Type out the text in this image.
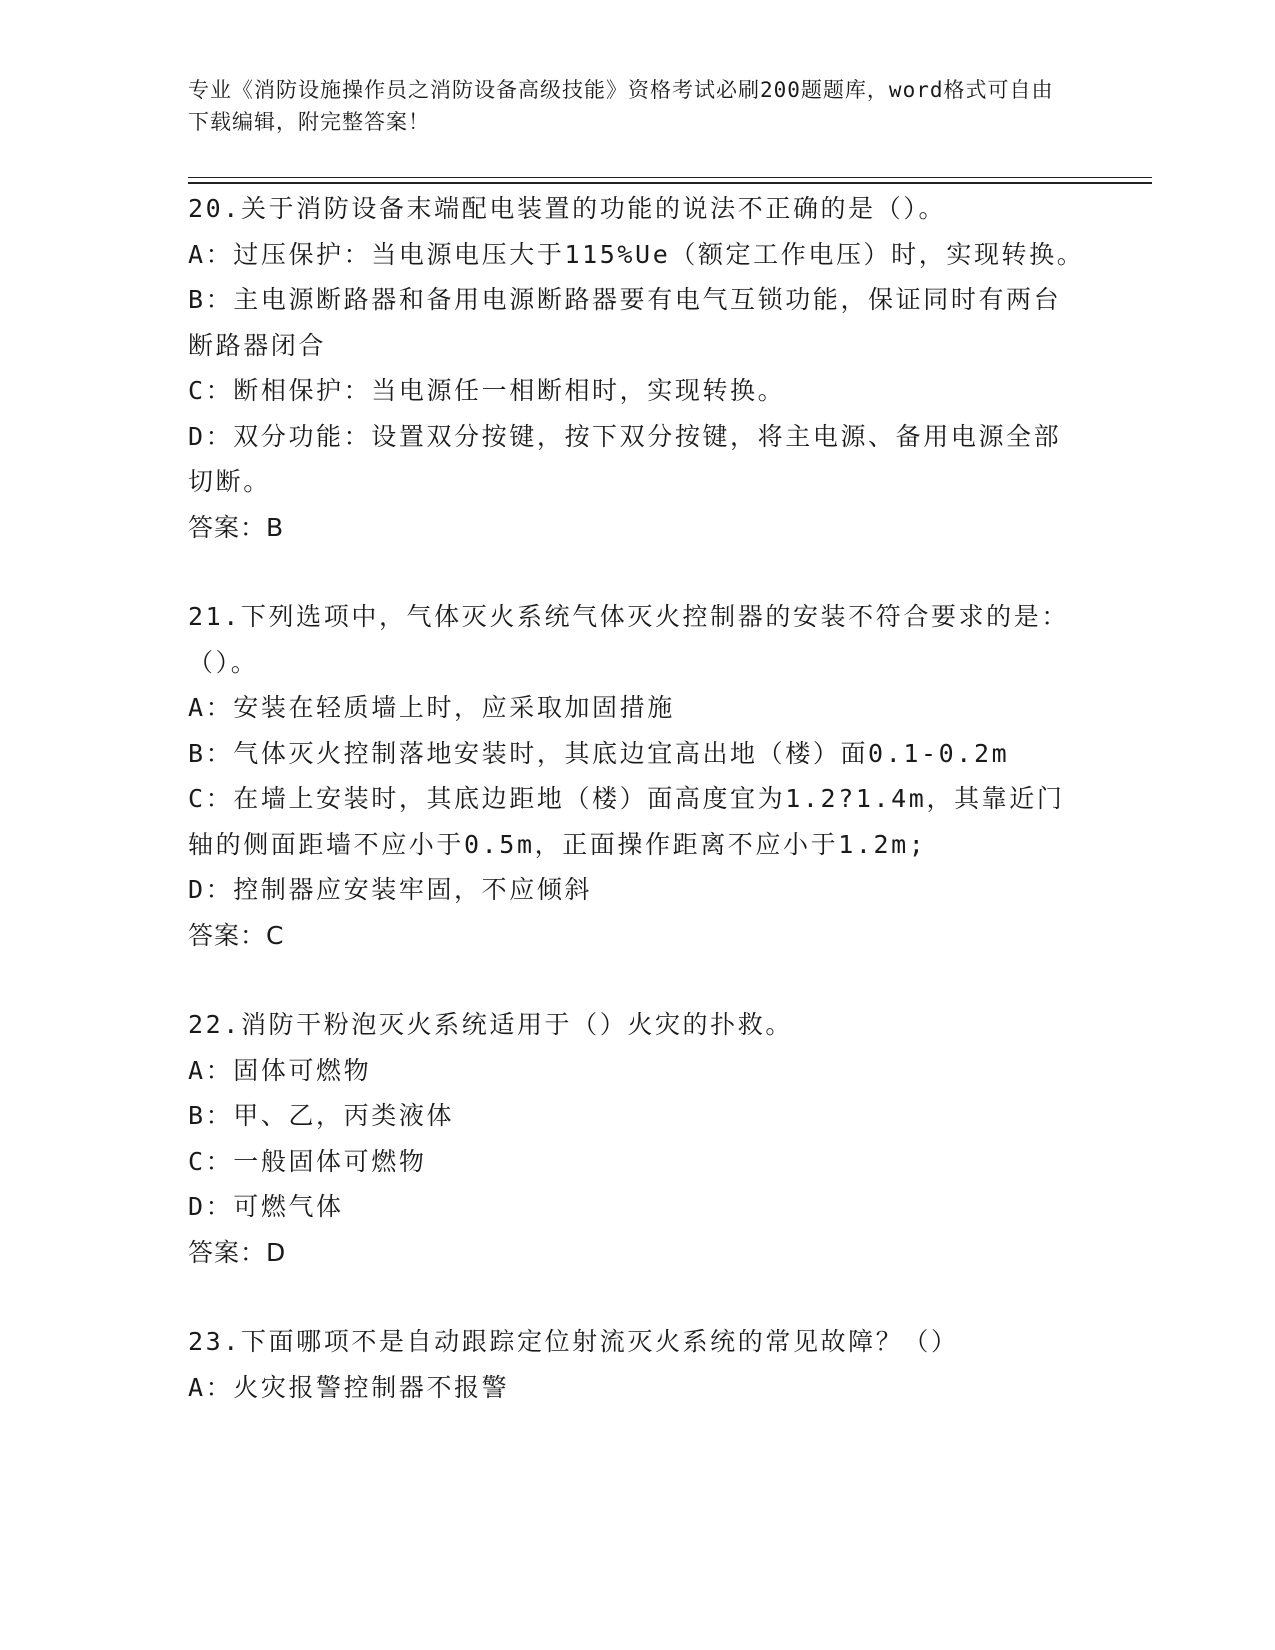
专业《消防设施操作员之消防设备高级技能》资格考试必刷200题题库，word格式可自由下载编辑，附完整答案！
20.关于消防设备末端配电装置的功能的说法不正确的是（）。
A：过压保护：当电源电压大于115%Ue（额定工作电压）时，实现转换。
B：主电源断路器和备用电源断路器要有电气互锁功能，保证同时有两台断路器闭合
C：断相保护：当电源任一相断相时，实现转换。
D：双分功能：设置双分按键，按下双分按键，将主电源、备用电源全部切断。
答案：B
21.下列选项中，气体灭火系统气体灭火控制器的安装不符合要求的是：（）。
A：安装在轻质墙上时，应采取加固措施
B：气体灭火控制落地安装时，其底边宜高出地（楼）面0.1-0.2m
C：在墙上安装时，其底边距地（楼）面高度宜为1.2?1.4m，其靠近门轴的侧面距墙不应小于0.5m，正面操作距离不应小于1.2m;
D：控制器应安装牢固，不应倾斜
答案：C
22.消防干粉泡灭火系统适用于（）火灾的扑救。
A：固体可燃物
B：甲、乙，丙类液体
C：一般固体可燃物
D：可燃气体
答案：D
23.下面哪项不是自动跟踪定位射流灭火系统的常见故障？（）
A：火灾报警控制器不报警
